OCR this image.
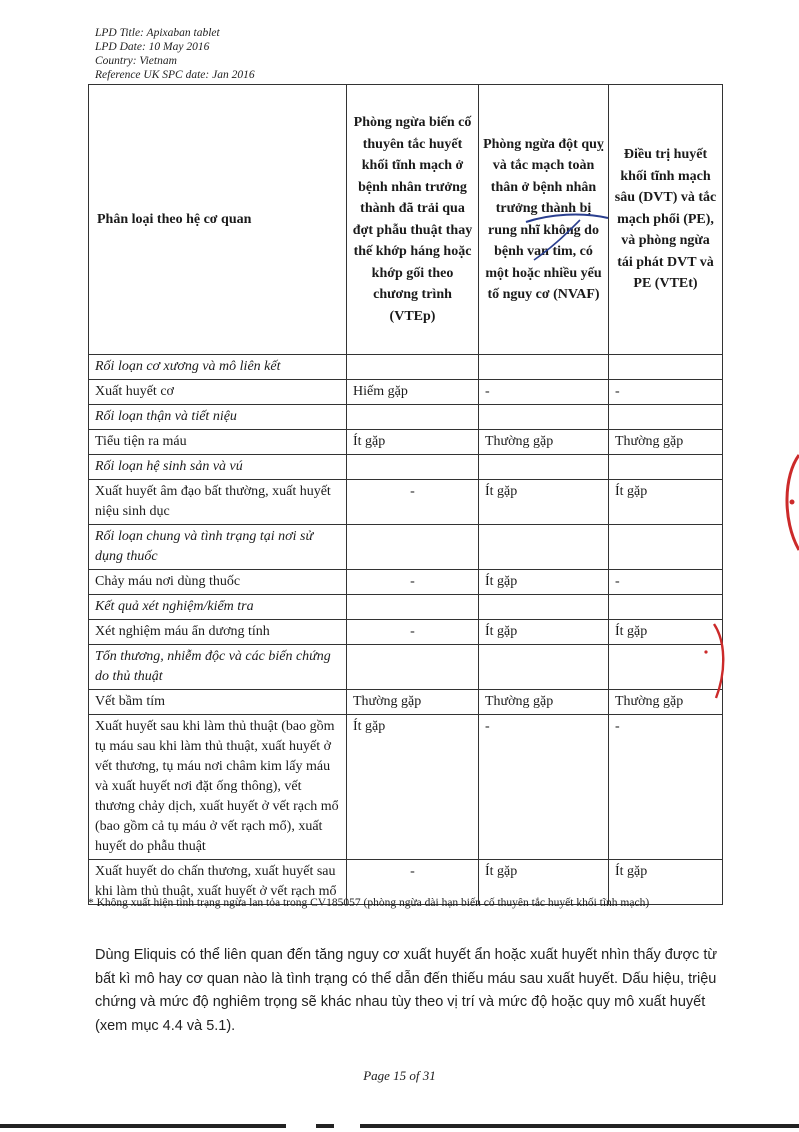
LPD Title: Apixaban tablet
LPD Date: 10 May 2016
Country: Vietnam
Reference UK SPC date: Jan 2016
Phân loại theo hệ cơ quan	Phòng ngừa biến cố thuyên tắc huyết khối tĩnh mạch ở bệnh nhân trưởng thành đã trải qua đợt phẫu thuật thay thế khớp háng hoặc khớp gối theo chương trình (VTEp)	Phòng ngừa đột quỵ và tắc mạch toàn thân ở bệnh nhân trưởng thành bị rung nhĩ không do bệnh van tim, có một hoặc nhiều yếu tố nguy cơ (NVAF)	Điều trị huyết khối tĩnh mạch sâu (DVT) và tắc mạch phổi (PE), và phòng ngừa tái phát DVT và PE (VTEt)
Rối loạn cơ xương và mô liên kết			
Xuất huyết cơ	Hiếm gặp	-	-
Rối loạn thận và tiết niệu			
Tiểu tiện ra máu	Ít gặp	Thường gặp	Thường gặp
Rối loạn hệ sinh sản và vú			
Xuất huyết âm đạo bất thường, xuất huyết niệu sinh dục	-	Ít gặp	Ít gặp
Rối loạn chung và tình trạng tại nơi sử dụng thuốc			
Chảy máu nơi dùng thuốc	-	Ít gặp	-
Kết quả xét nghiệm/kiểm tra			
Xét nghiệm máu ẩn dương tính	-	Ít gặp	Ít gặp
Tổn thương, nhiễm độc và các biến chứng do thủ thuật			
Vết bầm tím	Thường gặp	Thường gặp	Thường gặp
Xuất huyết sau khi làm thủ thuật (bao gồm tụ máu sau khi làm thủ thuật, xuất huyết ở vết thương, tụ máu nơi châm kim lấy máu và xuất huyết nơi đặt ống thông), vết thương chảy dịch, xuất huyết ở vết rạch mổ (bao gồm cả tụ máu ở vết rạch mổ), xuất huyết do phẫu thuật	Ít gặp	-	-
Xuất huyết do chấn thương, xuất huyết sau khi làm thủ thuật, xuất huyết ở vết rạch mổ	-	Ít gặp	Ít gặp
* Không xuất hiện tình trạng ngừa lan tỏa trong CV185057 (phòng ngừa dài hạn biến cố thuyên tắc huyết khối tĩnh mạch)
Dùng Eliquis có thể liên quan đến tăng nguy cơ xuất huyết ẩn hoặc xuất huyết nhìn thấy được từ bất kì mô hay cơ quan nào là tình trạng có thể dẫn đến thiếu máu sau xuất huyết. Dấu hiệu, triệu chứng và mức độ nghiêm trọng sẽ khác nhau tùy theo vị trí và mức độ hoặc quy mô xuất huyết (xem mục 4.4 và 5.1).
Page 15 of 31
